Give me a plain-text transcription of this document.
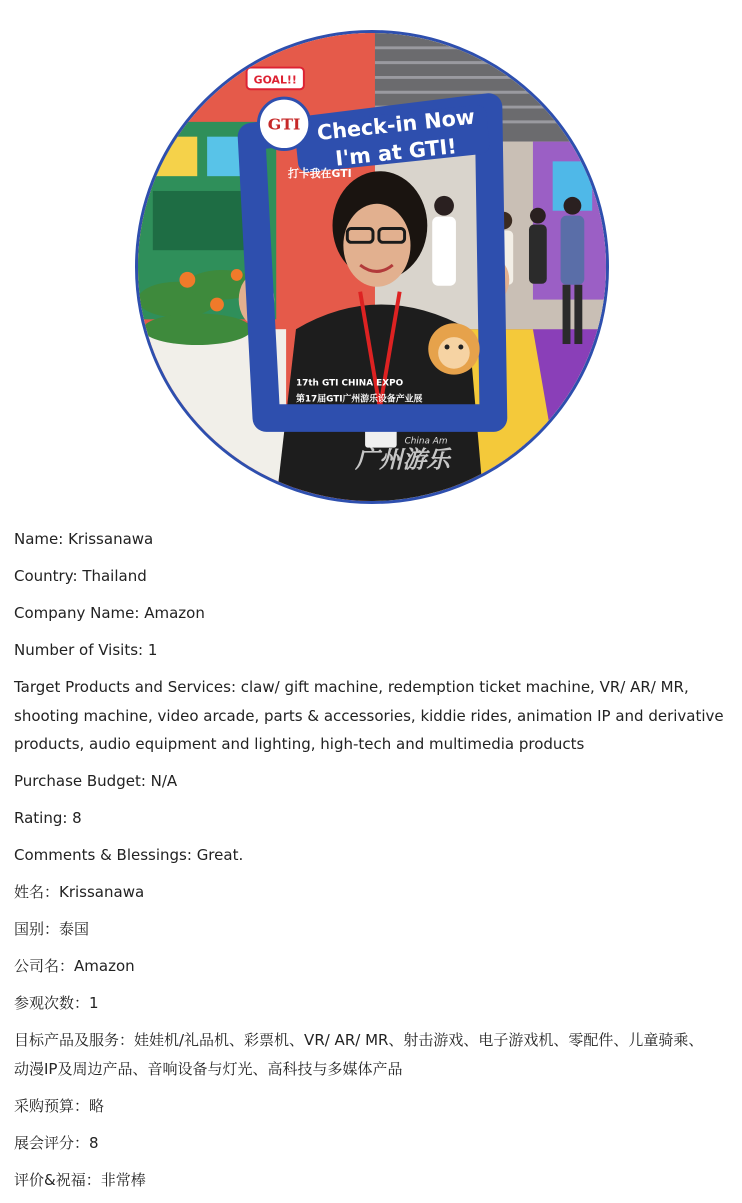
GOAL!!
Check-in Now
I'm at GTI!
打卡我在GTI
17th GTI CHINA EXPO
第17届GTI广州游乐设备产业展
GTI
China Am
广州游乐

Name: Krissanawa

Country: Thailand

Company Name: Amazon

Number of Visits: 1

Target Products and Services: claw/ gift machine, redemption ticket machine, VR/ AR/ MR,
shooting machine, video arcade, parts & accessories, kiddie rides, animation IP and derivative
products, audio equipment and lighting, high-tech and multimedia products

Purchase Budget: N/A

Rating: 8

Comments & Blessings: Great.

姓名：Krissanawa

国别：泰国

公司名：Amazon

参观次数：1

目标产品及服务：娃娃机/礼品机、彩票机、VR/ AR/ MR、射击游戏、电子游戏机、零配件、儿童骑乘、
动漫IP及周边产品、音响设备与灯光、高科技与多媒体产品

采购预算：略

展会评分：8

评价&祝福：非常棒
